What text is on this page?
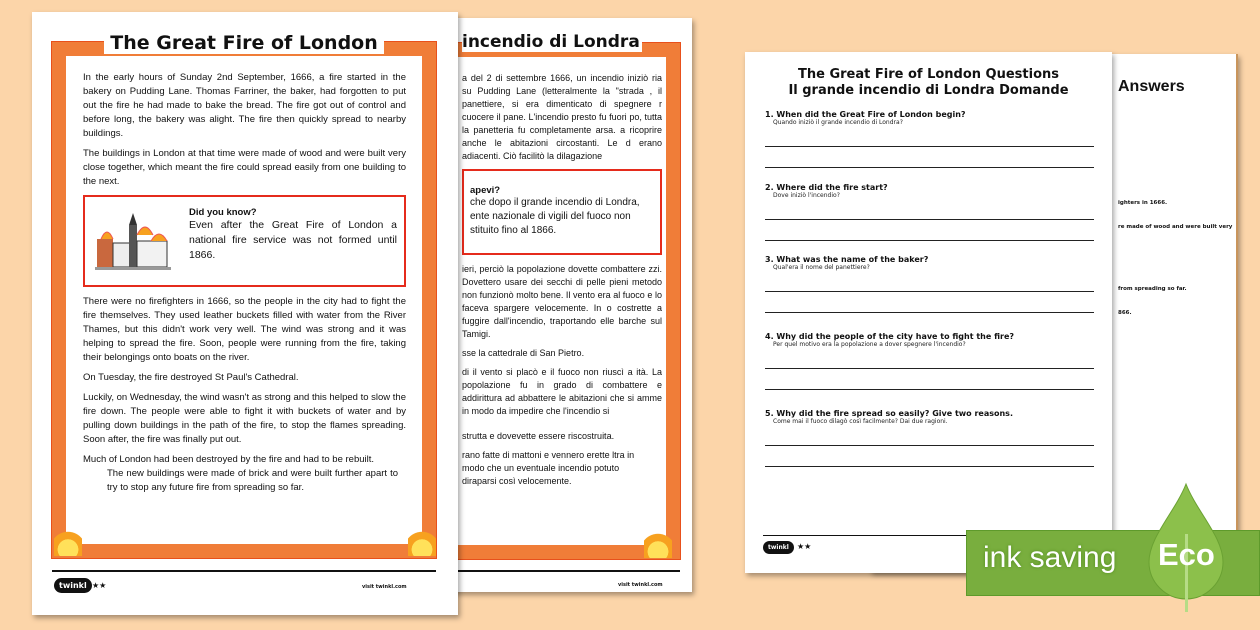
The Great Fire of London

In the early hours of Sunday 2nd September, 1666, a fire started in the bakery on Pudding Lane. Thomas Farriner, the baker, had forgotten to put out the fire he had made to bake the bread. The fire got out of control and before long, the bakery was alight. The fire then quickly spread to nearby buildings.

The buildings in London at that time were made of wood and were built very close together, which meant the fire could spread easily from one building to the next.

Did you know?
Even after the Great Fire of London a national fire service was not formed until 1866.

There were no firefighters in 1666, so the people in the city had to fight the fire themselves. They used leather buckets filled with water from the River Thames, but this didn't work very well. The wind was strong and it was helping to spread the fire. Soon, people were running from the fire, taking their belongings onto boats on the river.

On Tuesday, the fire destroyed St Paul's Cathedral.

Luckily, on Wednesday, the wind wasn't as strong and this helped to slow the fire down. The people were able to fight it with buckets of water and by pulling down buildings in the path of the fire, to stop the flames spreading. Soon after, the fire was finally put out.

Much of London had been destroyed by the fire and had to be rebuilt.

The new buildings were made of brick and were built further apart to try to stop any future fire from spreading so far.

twinkl ★★	visit twinkl.com
incendio di Londra

a del 2 di settembre 1666, un incendio iniziò ria su Pudding Lane (letteralmente la "strada , il panettiere, si era dimenticato di spegnere r cuocere il pane. L'incendio presto fu fuori po, tutta la panetteria fu completamente arsa. a ricoprire anche le abitazioni circostanti. Le d erano adiacenti. Ciò facilitò la dilagazione

apevi?
che dopo il grande incendio di Londra, ente nazionale di vigili del fuoco non stituito fino al 1866.

ieri, perciò la popolazione dovette combattere zzi. Dovettero usare dei secchi di pelle pieni metodo non funzionò molto bene. Il vento era al fuoco e lo faceva spargere velocemente. In o costrette a fuggire dall'incendio, traportando elle barche sul Tamigi.

sse la cattedrale di San Pietro.

di il vento si placò e il fuoco non riuscì a ità. La popolazione fu in grado di combattere e addirittura ad abbattere le abitazioni che si amme in modo da impedire che l'incendio si

strutta e dovevette essere riscostruita.

rano fatte di mattoni e vennero erette ltra in modo che un eventuale incendio potuto diraparsi così velocemente.

visit twinkl.com
Answers
ighters in 1666.
re made of wood and were built very
from spreading so far.
866.
The Great Fire of London Questions
Il grande incendio di Londra Domande
1. When did the Great Fire of London begin?
Quando iniziò il grande incendio di Londra?
2. Where did the fire start?
Dove iniziò l'incendio?
3. What was the name of the baker?
Qual'era il nome del panettiere?
4. Why did the people of the city have to fight the fire?
Per quel motivo era la popolazione a dover spegnere l'incendio?
5. Why did the fire spread so easily? Give two reasons.
Come mai il fuoco dilagò così facilmente? Dai due ragioni.
twinkl	★★	ink saving Eco
